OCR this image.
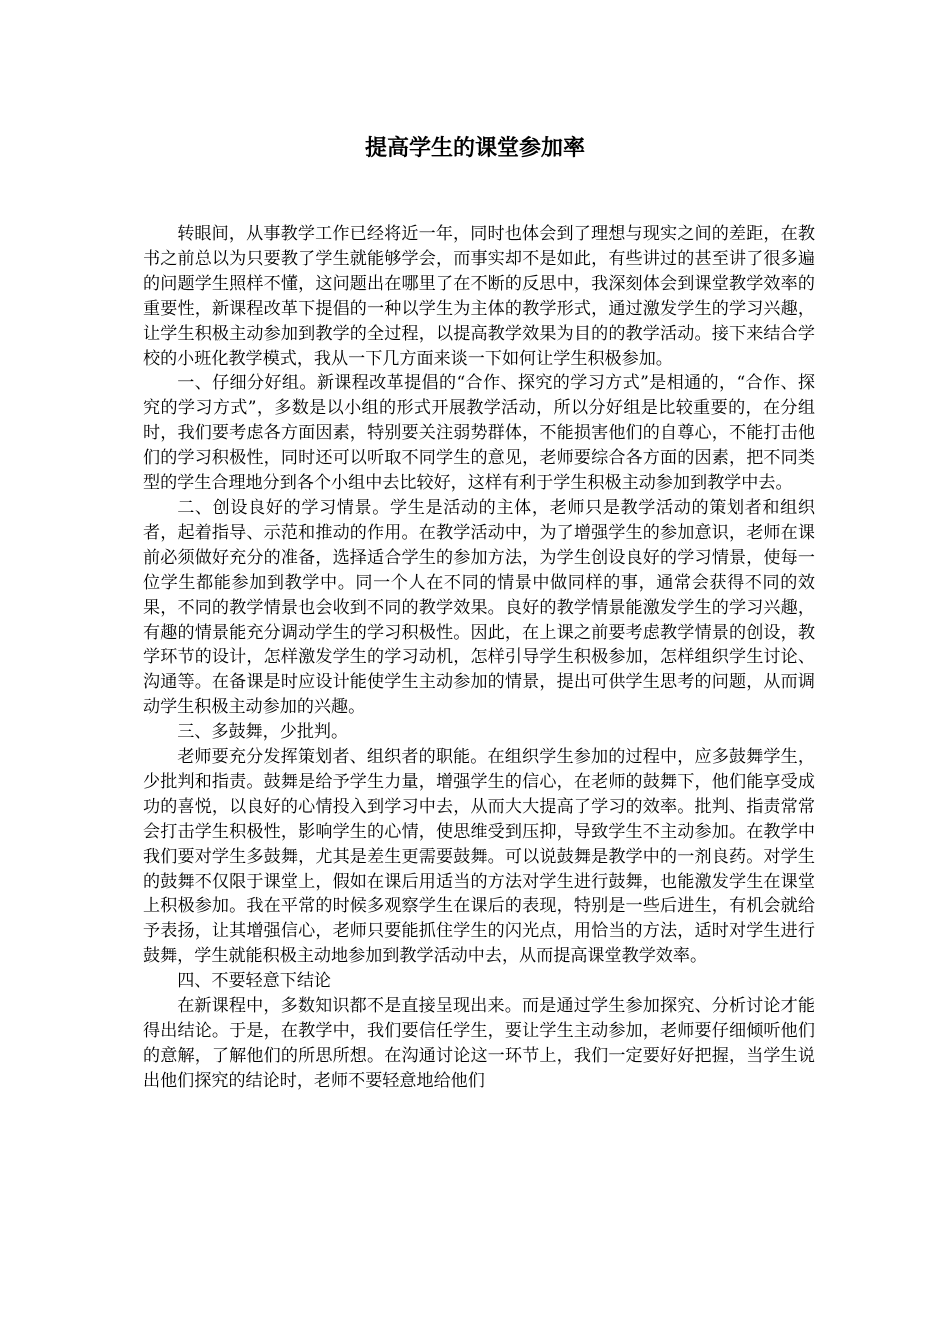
提高学生的课堂参加率

转眼间，从事教学工作已经将近一年，同时也体会到了理想与现实之间的差距，在教书之前总以为只要教了学生就能够学会，而事实却不是如此，有些讲过的甚至讲了很多遍的问题学生照样不懂，这问题出在哪里了在不断的反思中，我深刻体会到课堂教学效率的重要性，新课程改革下提倡的一种以学生为主体的教学形式，通过激发学生的学习兴趣，让学生积极主动参加到教学的全过程，以提高教学效果为目的的教学活动。接下来结合学校的小班化教学模式，我从一下几方面来谈一下如何让学生积极参加。

一、仔细分好组。新课程改革提倡的“合作、探究的学习方式”是相通的，“合作、探究的学习方式”，多数是以小组的形式开展教学活动，所以分好组是比较重要的，在分组时，我们要考虑各方面因素，特别要关注弱势群体，不能损害他们的自尊心，不能打击他们的学习积极性，同时还可以听取不同学生的意见，老师要综合各方面的因素，把不同类型的学生合理地分到各个小组中去比较好，这样有利于学生积极主动参加到教学中去。

二、创设良好的学习情景。学生是活动的主体，老师只是教学活动的策划者和组织者，起着指导、示范和推动的作用。在教学活动中，为了增强学生的参加意识，老师在课前必须做好充分的准备，选择适合学生的参加方法，为学生创设良好的学习情景，使每一位学生都能参加到教学中。同一个人在不同的情景中做同样的事，通常会获得不同的效果，不同的教学情景也会收到不同的教学效果。良好的教学情景能激发学生的学习兴趣，有趣的情景能充分调动学生的学习积极性。因此，在上课之前要考虑教学情景的创设，教学环节的设计，怎样激发学生的学习动机，怎样引导学生积极参加，怎样组织学生讨论、沟通等。在备课是时应设计能使学生主动参加的情景，提出可供学生思考的问题，从而调动学生积极主动参加的兴趣。

三、多鼓舞，少批判。

老师要充分发挥策划者、组织者的职能。在组织学生参加的过程中，应多鼓舞学生，少批判和指责。鼓舞是给予学生力量，增强学生的信心，在老师的鼓舞下，他们能享受成功的喜悦，以良好的心情投入到学习中去，从而大大提高了学习的效率。批判、指责常常会打击学生积极性，影响学生的心情，使思维受到压抑，导致学生不主动参加。在教学中我们要对学生多鼓舞，尤其是差生更需要鼓舞。可以说鼓舞是教学中的一剂良药。对学生的鼓舞不仅限于课堂上，假如在课后用适当的方法对学生进行鼓舞，也能激发学生在课堂上积极参加。我在平常的时候多观察学生在课后的表现，特别是一些后进生，有机会就给予表扬，让其增强信心，老师只要能抓住学生的闪光点，用恰当的方法，适时对学生进行鼓舞，学生就能积极主动地参加到教学活动中去，从而提高课堂教学效率。

四、不要轻意下结论

在新课程中，多数知识都不是直接呈现出来。而是通过学生参加探究、分析讨论才能得出结论。于是，在教学中，我们要信任学生，要让学生主动参加，老师要仔细倾听他们的意解，了解他们的所思所想。在沟通讨论这一环节上，我们一定要好好把握，当学生说出他们探究的结论时，老师不要轻意地给他们
